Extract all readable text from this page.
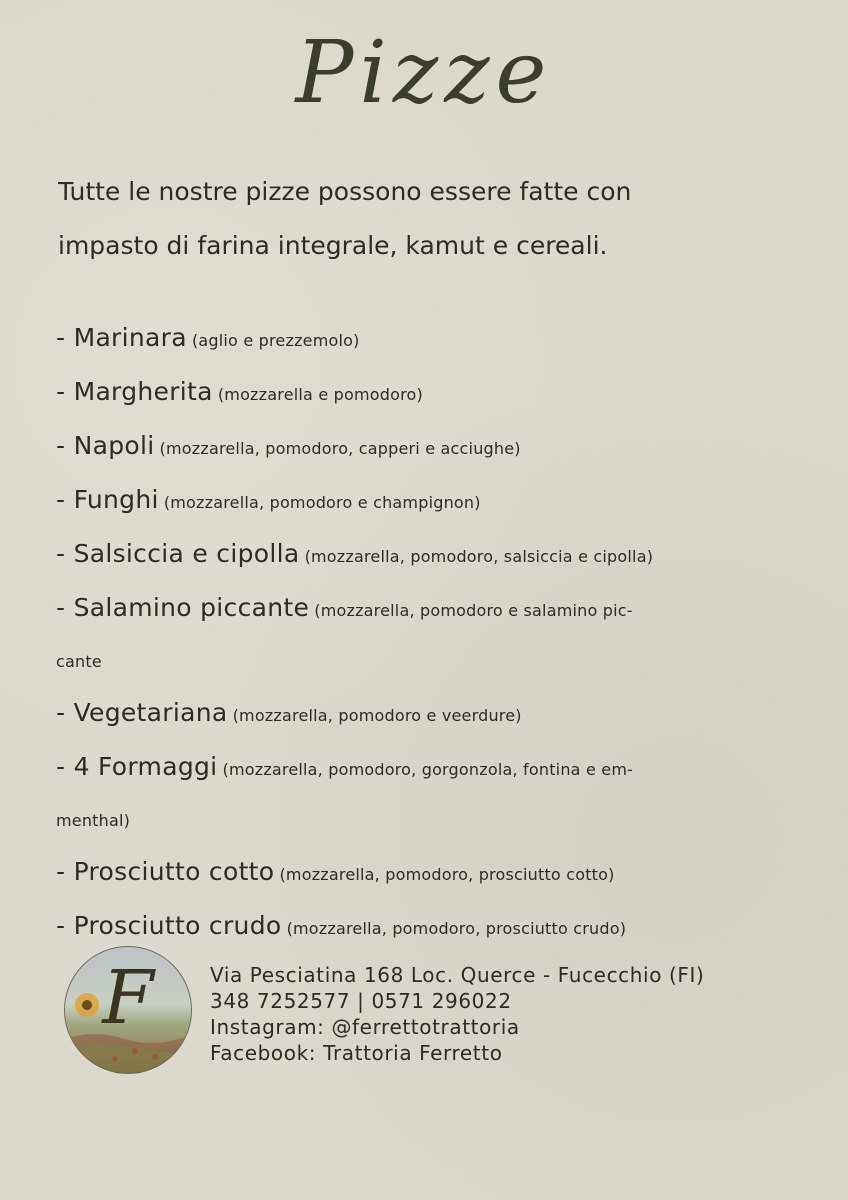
Pizze
Tutte le nostre pizze possono essere fatte con
impasto di farina integrale, kamut e cereali.
- Marinara (aglio e prezzemolo)
- Margherita (mozzarella e pomodoro)
- Napoli (mozzarella, pomodoro, capperi e acciughe)
- Funghi (mozzarella, pomodoro e champignon)
- Salsiccia e cipolla (mozzarella, pomodoro, salsiccia e cipolla)
- Salamino piccante (mozzarella, pomodoro e salamino pic-
cante
- Vegetariana (mozzarella, pomodoro e veerdure)
- 4 Formaggi (mozzarella, pomodoro, gorgonzola, fontina e em-
menthal)
- Prosciutto cotto (mozzarella, pomodoro, prosciutto cotto)
- Prosciutto crudo (mozzarella, pomodoro, prosciutto crudo)
F	Via Pesciatina 168 Loc. Querce - Fucecchio (FI)
348 7252577 | 0571 296022
Instagram: @ferrettotrattoria
Facebook: Trattoria Ferretto
